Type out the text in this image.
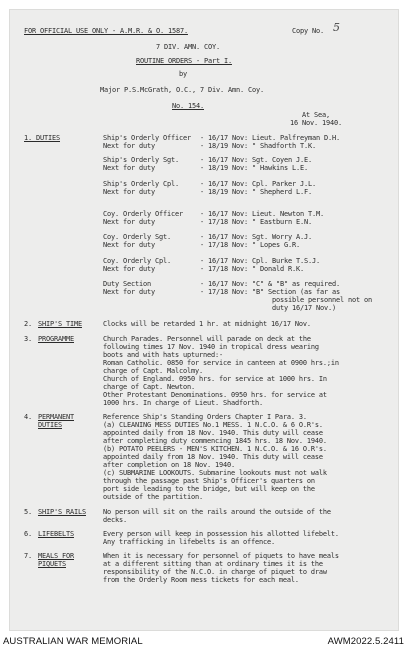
FOR OFFICIAL USE ONLY - A.M.R. & O. 1587.	Copy No. 5
7 DIV. AMN. COY.
ROUTINE ORDERS - Part I.
by
Major P.S.McGrath, O.C., 7 Div. Amn. Coy.
No. 154.
At Sea,
16 Nov. 1940.
1. DUTIES	Ship's Orderly Officer - 16/17 Nov: Lieut. Palfreyman D.H.
Next for duty	- 18/19 Nov: " Shadforth T.K.
Ship's Orderly Sgt.	- 16/17 Nov: Sgt. Coyen J.E.
Next for duty	- 18/19 Nov: " Hawkins L.E.
Ship's Orderly Cpl.	- 16/17 Nov: Cpl. Parker J.L.
Next for duty	- 18/19 Nov: " Shepherd L.F.
Coy. Orderly Officer - 16/17 Nov: Lieut. Newton T.M.
Next for duty	- 17/18 Nov: " Eastburn E.N.
Coy. Orderly Sgt.	- 16/17 Nov: Sgt. Worry A.J.
Next for duty	- 17/18 Nov: " Lopes G.R.
Coy. Orderly Cpl.	- 16/17 Nov: Cpl. Burke T.S.J.
Next for duty	- 17/18 Nov: " Donald R.K.
Duty Section	- 16/17 Nov: "C" & "B" as required.
Next for duty	- 17/18 Nov: "B" Section (as far as
possible personnel not on
duty 16/17 Nov.)
2. SHIP'S TIME	Clocks will be retarded 1 hr. at midnight 16/17 Nov.
3. PROGRAMME	Church Parades. Personnel will parade on deck at the
following times 17 Nov. 1940 in tropical dress wearing
boots and with hats upturned:-
Roman Catholic. 0850 for service in canteen at 0900 hrs.;in
charge of Capt. Malcolmy.
Church of England. 0950 hrs. for service at 1000 hrs. In
charge of Capt. Newton.
Other Protestant Denominations. 0950 hrs. for service at
1000 hrs. In charge of Lieut. Shadforth.
4. PERMANENT
DUTIES
Reference Ship's Standing Orders Chapter I Para. 3.
(a) CLEANING MESS DUTIES No.1 MESS. 1 N.C.O. & 6 O.R's.
appointed daily from 18 Nov. 1940. This duty will cease
after completing duty commencing 1845 hrs. 18 Nov. 1940.
(b) POTATO PEELERS - MEN'S KITCHEN. 1 N.C.O. & 16 O.R's.
appointed daily from 18 Nov. 1940. This duty will cease
after completion on 18 Nov. 1940.
(c) SUBMARINE LOOKOUTS. Submarine lookouts must not walk
through the passage past Ship's Officer's quarters on
port side leading to the bridge, but will keep on the
outside of the partition.
5. SHIP'S RAILS No person will sit on the rails around the outside of the
decks.
6. LIFEBELTS	Every person will keep in possession his allotted lifebelt.
Any trafficking in lifebelts is an offence.
7. MEALS FOR
PIQUETS
When it is necessary for personnel of piquets to have meals
at a different sitting than at ordinary times it is the
responsibility of the N.C.O. in charge of piquet to draw
from the Orderly Room mess tickets for each meal.
AUSTRALIAN WAR MEMORIAL	AWM2022.5.2411
